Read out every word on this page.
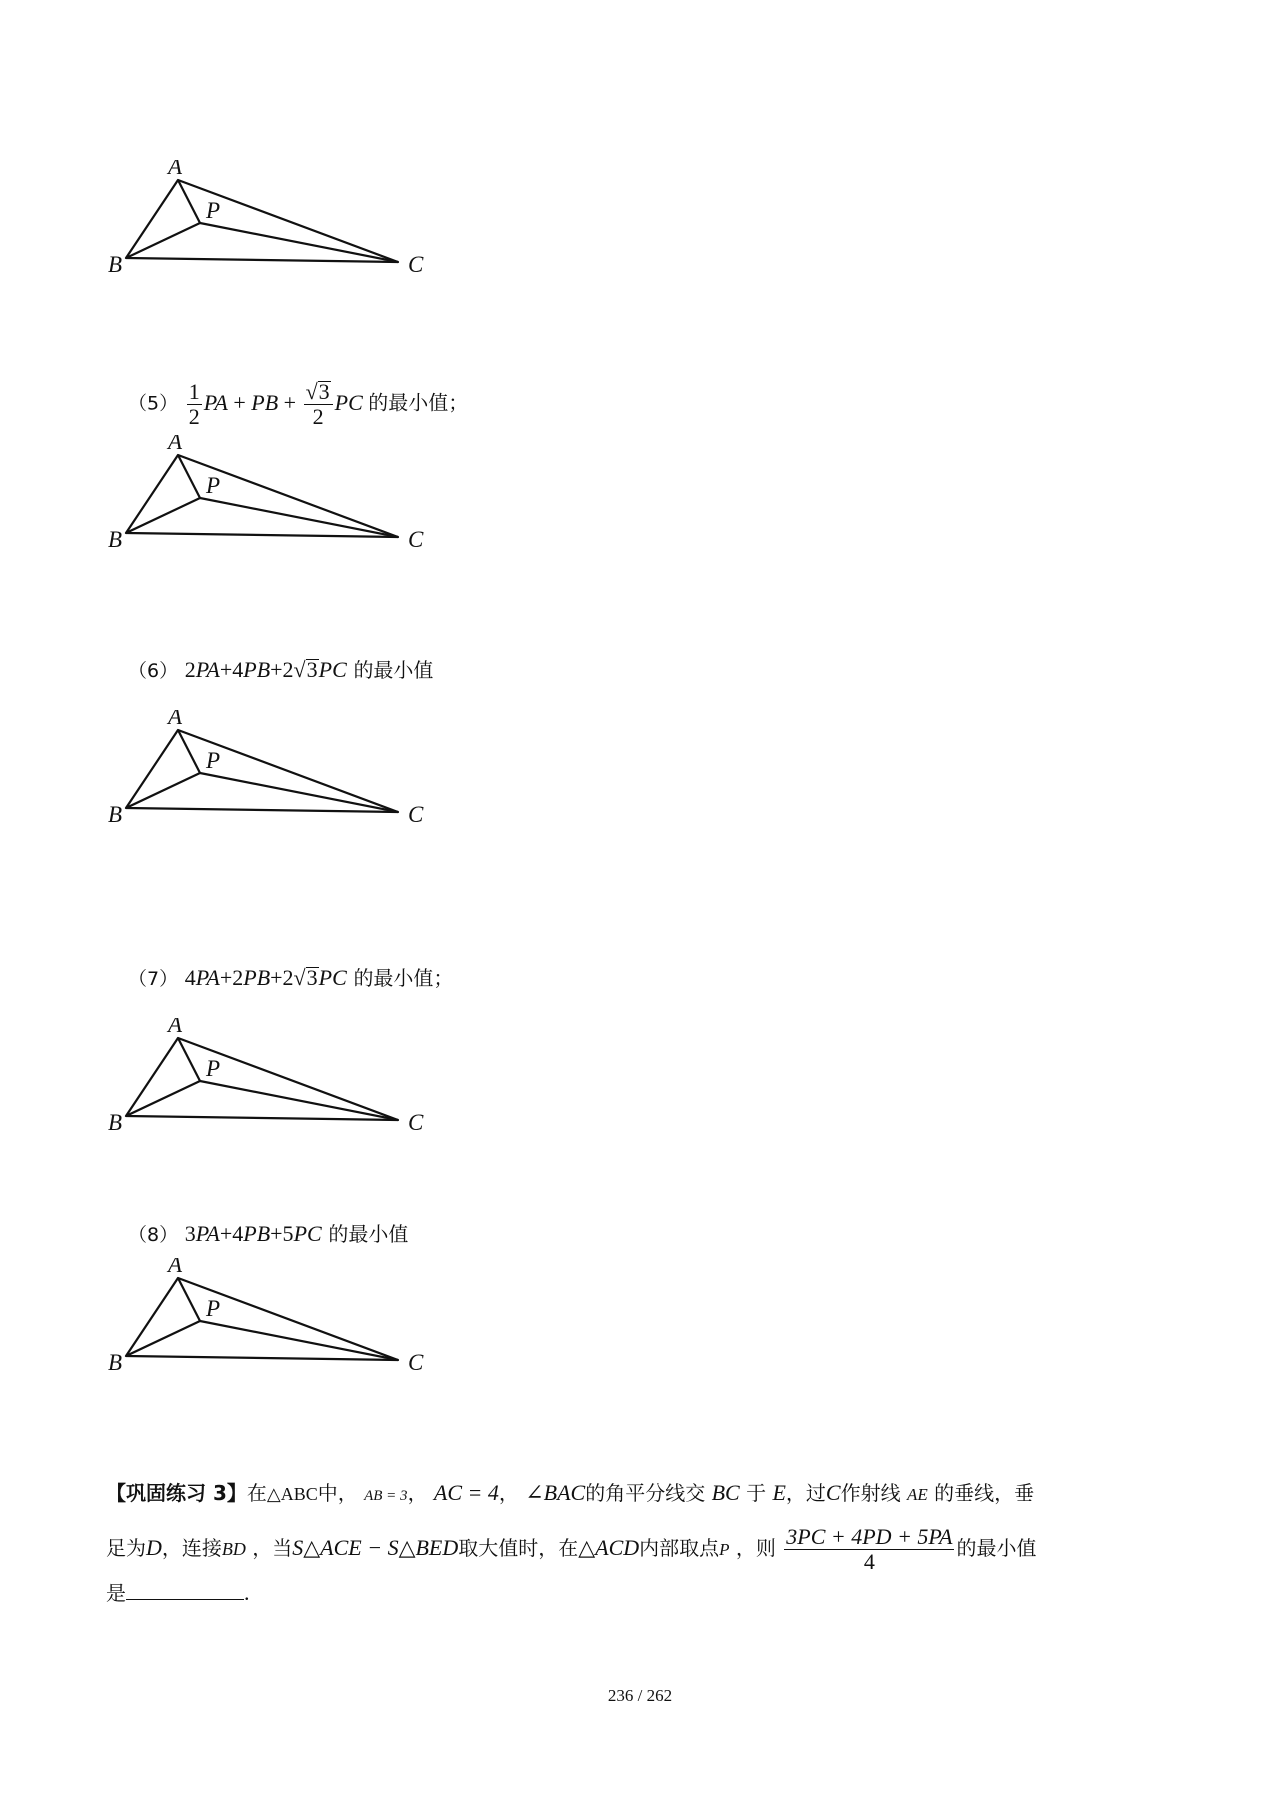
A
B	C
P
$(5) \frac{1}{2}$ PA + PB + $\frac{√3}{2}$ PC 的最小值；
A
B	C
P
（6） 2PA+4PB+2√3PC 的最小值
A
B	C
P
（7） 4PA+2PB+2√3PC 的最小值；
A
B	C
P
（8） 3PA+4PB+5PC 的最小值
A
B	C
P
【巩固练习 3】在△ABC中， AB = 3， AC = 4， ∠BAC的角平分线交 BC 于 E，过C作射线 AE 的垂线，垂
足为D，连接BD ，当S△ACE − S△BED取大值时，在△ACD内部取点P ，则 $\frac{3PC + 4PD + 5PA}{4}$ 的最小值
是	.
236 / 262
